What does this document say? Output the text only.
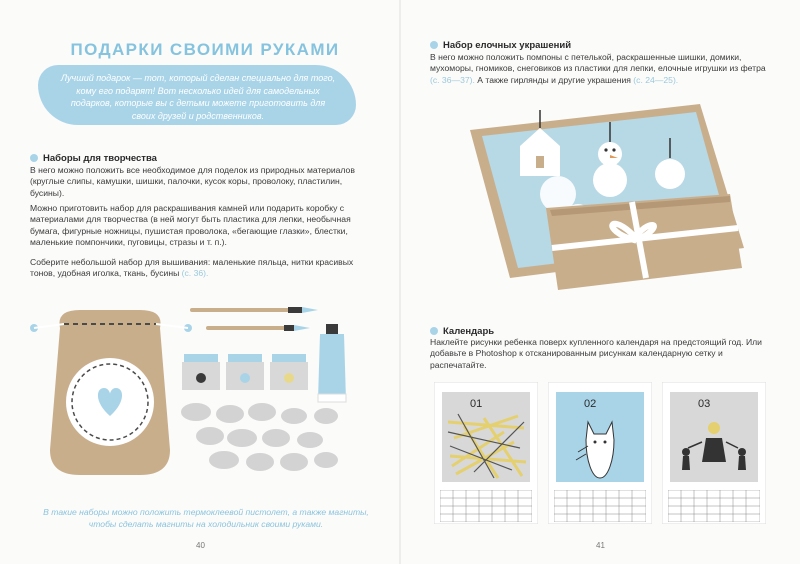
ПОДАРКИ СВОИМИ РУКАМИ
Лучший подарок — тот, который сделан специально для того, кому его подарят! Вот несколько идей для самодельных подарков, которые вы с детьми можете приготовить для своих друзей и родственников.
Наборы для творчества
В него можно положить все необходимое для поделок из природных материалов (круглые слипы, камушки, шишки, палочки, кусок коры, проволоку, пластилин, бусины).
Можно приготовить набор для раскрашивания камней или подарить коробку с материалами для творчества (в ней могут быть пластика для лепки, необычная бумага, фигурные ножницы, пушистая проволока, «бегающие глазки», блестки, маленькие помпончики, пуговицы, стразы и т. п.).
Соберите небольшой набор для вышивания: маленькие пяльца, нитки красивых тонов, удобная иголка, ткань, бусины (с. 36).
В такие наборы можно положить термоклеевой пистолет, а также магниты, чтобы сделать магниты на холодильник своими руками.
40
Набор елочных украшений
В него можно положить помпоны с петелькой, раскрашенные шишки, домики, мухоморы, гномиков, снеговиков из пластики для лепки, елочные игрушки из фетра (с. 36—37). А также гирлянды и другие украшения (с. 24—25).
Календарь
Наклейте рисунки ребенка поверх купленного календаря на предстоящий год. Или добавьте в Photoshop к отсканированным рисункам календарную сетку и распечатайте.
01	02	03
41
